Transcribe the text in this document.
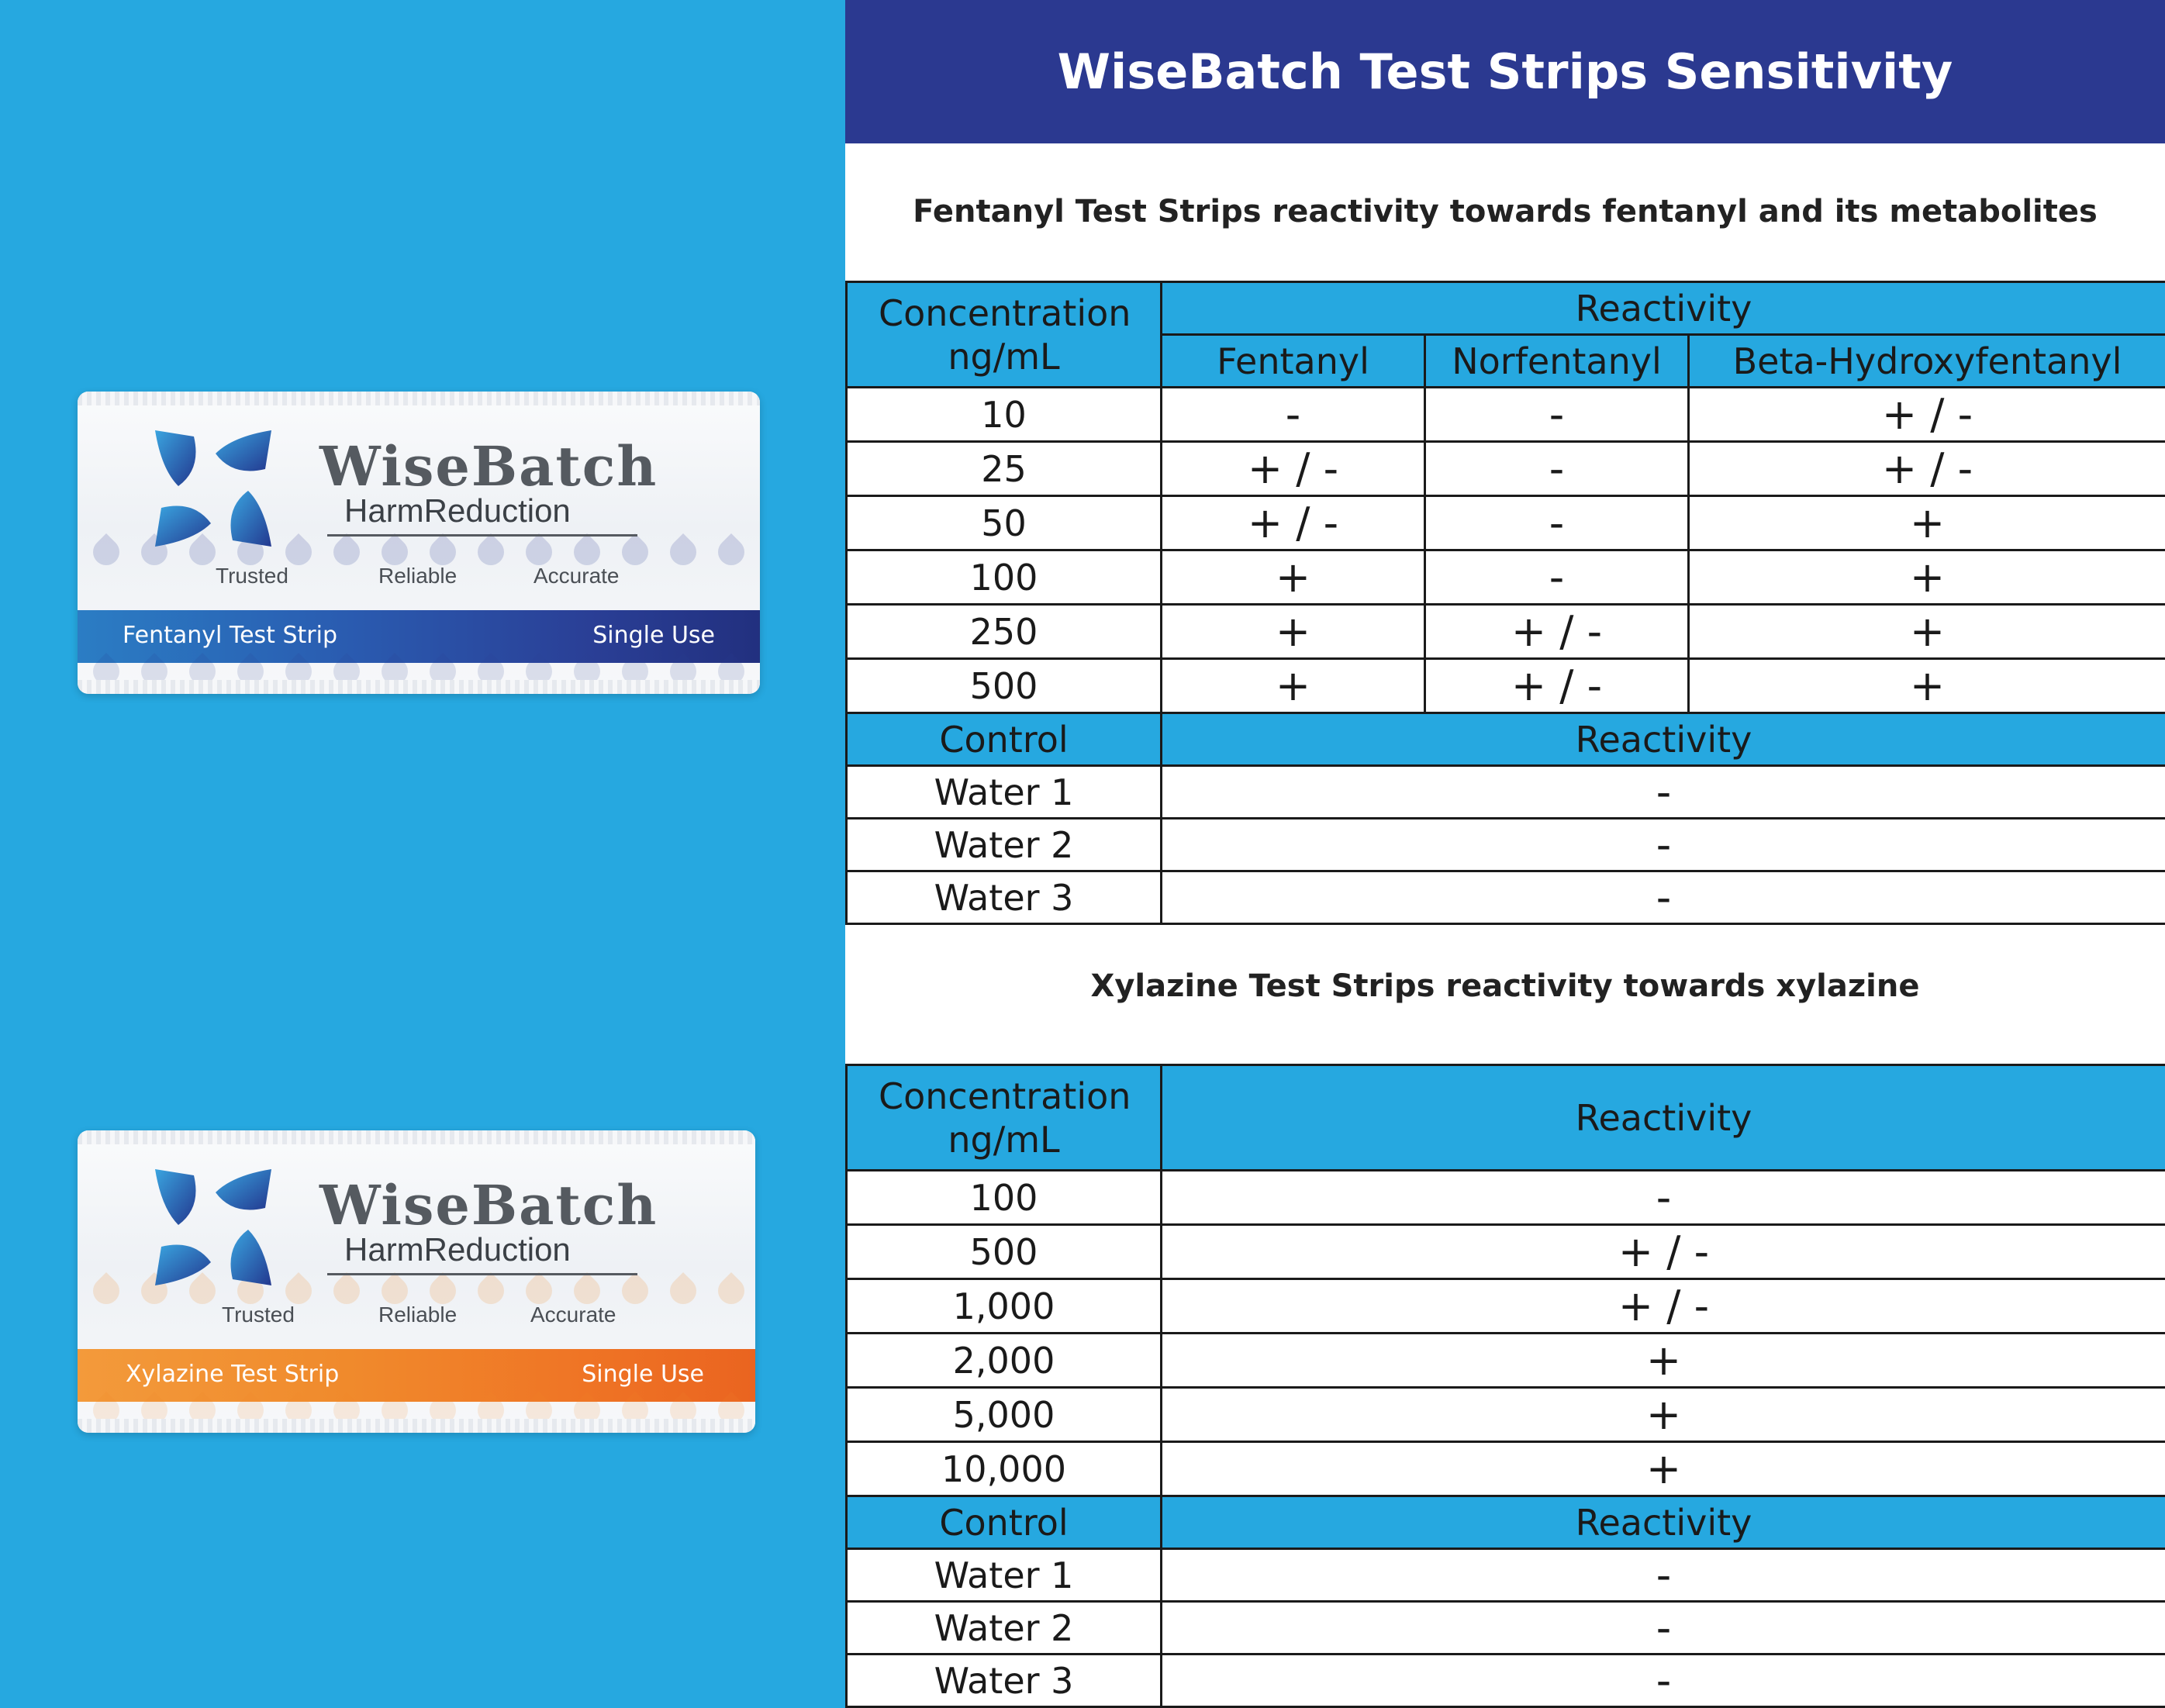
WiseBatch
HarmReduction
Trusted	Reliable	Accurate
Fentanyl Test Strip	Single Use
WiseBatch
HarmReduction
Trusted	Reliable	Accurate
Xylazine Test Strip	Single Use
WiseBatch Test Strips Sensitivity
Fentanyl Test Strips reactivity towards fentanyl and its metabolites
Concentration ng/mL	Reactivity		
	Fentanyl	Norfentanyl	Beta-Hydroxyfentanyl
10	-	-	+ / -
25	+ / -	-	+ / -
50	+ / -	-	+
100	+	-	+
250	+	+ / -	+
500	+	+ / -	+
Control	Reactivity		
Water 1	-		
Water 2	-		
Water 3	-		
Xylazine Test Strips reactivity towards xylazine
Concentration ng/mL	Reactivity
100	-
500	+ / -
1,000	+ / -
2,000	+
5,000	+
10,000	+
Control	Reactivity
Water 1	-
Water 2	-
Water 3	-
